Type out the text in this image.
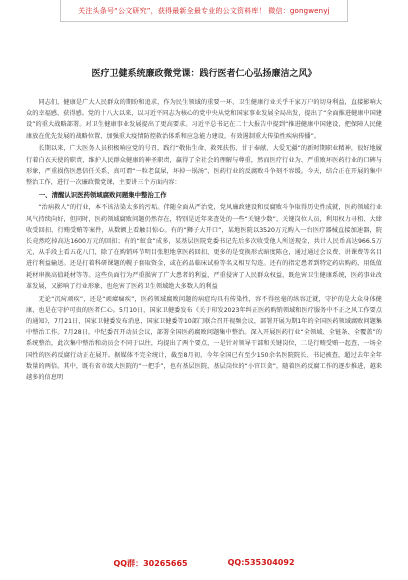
关注头条号“公文研究”，获得最新全最专业的公文资料库！ 微信：gongwenyj
医疗卫健系统廉政微党课：践行医者仁心弘扬廉洁之风》

同志们，健康是广大人民群众的期盼和追求，作为民生领域的重要一环，卫生健康行业关乎千家万户的切身利益，直接影响大众的幸福感、获得感。党的十八大以来，以习近平同志为核心的党中央从党和国家事业发展全局出发，提出了“全面推进健康中国建设”的重大战略部署。对卫生健康事业发展提出了更高要求。习近平总书记在二十大报告中提到“推进健康中国建设，把保障人民健康放在优先发展的战略位置，加强重大疫情防控救治体系和应急能力建设，有效遏制重大传染性疾病传播”。

长期以来，广大医务人员积极响应党的号召，践行“敬佑生命、救死扶伤、甘于奉献、大爱无疆”的新时期职业精神，很好地履行着白衣天使的职责，维护人民群众健康的神圣职责，赢得了全社会的理解与尊重，然而医疗行业为、严重败坏医药行业的口碑与形象，严重损伤医患信任关系，真可谓“一粒老鼠屎，坏掉一锅汤”，医药行业的反腐败斗争刻不容缓。今天，结合正在开展的集中整治工作，进行一次廉政微党课，主要讲三个方面内容：

一、清醒认识医药领域腐败问题集中整治工作

“治病救人”的行业，本不该沾染太多的污垢。伴随全面从严治党，党风廉政建设和反腐败斗争取得历史性成就，医药领域行业风气持续向好，但同时，医药领域腐败问题仍然存在，特别是近年来查处的一些“关键少数”、关键岗位人员，利用权力寻租、大肆收受回扣、行贿受贿等案件，从数额上看触目惊心。有的“狮子大开口”，某地医院以3520万元购入一台医疗器械直接加速器，院长竟然吃掉高达1600万元的回扣；有的“蚁食”成多，某基层医院党委书记先后多次收受他人所送现金，共计人民币高达966.5万元，从手段上看五花八门，除了在购销环节明目张胆地拿医药回扣，更多的是变换形式暗度陈仓，通过通过会议费、讲课费等名目进行利益输送。还是打着科研课题的幌子套取资金，或在药品临床试验等名义相互勾连。还有的指定患者到特定药店购药，用低值耗材串换高值耗材等等。这些负面行为严重损害了广大患者的利益，严重侵害了人民群众权益，既危害卫生健康系统，医药事业改革发展，又影响了行业形象，也危害了医药卫生领域绝大多数人的利益

无论“沉疴顽疾”，还是“顽瘴痼疾”，医药领域腐败问题的病症均具有传染性，容不得丝毫的纵容迁就，守护的是大众身体健康，也是在守护可贵的医者仁心。5月10日，国家卫健委发布《关于印发2023年纠正医药购销领域和医疗服务中不正之风工作要点的通知》，7月21日，国家卫健委发布消息，国家卫健委等10部门联合召开视频会议，部署开展为期1年的全国医药领域腐败问题集中整治工作。7月28日，中纪委召开动员会议，部署全国医药腐败问题集中整治。深入开展医药行业“全领域、全链条、全覆盖”的系统整治，此次集中整治和动员会不同于以往，均提出了两个要点，一是针对领导干部和关键岗位，二是行贿受贿一起查，一场全国性的医药反腐行动正在展开。据媒体不完全统计，截至8月初，今年全国已有至少150余名医院院长、书记被查，超过去年全年数量的两倍。其中，既有省市级大医院的“一把手”，也有基层医院，基层岗位的“小官巨贪”，随着医药反腐工作的逐步推进，越来越多的信息明

QQ群：30265665	QQ:535304092
